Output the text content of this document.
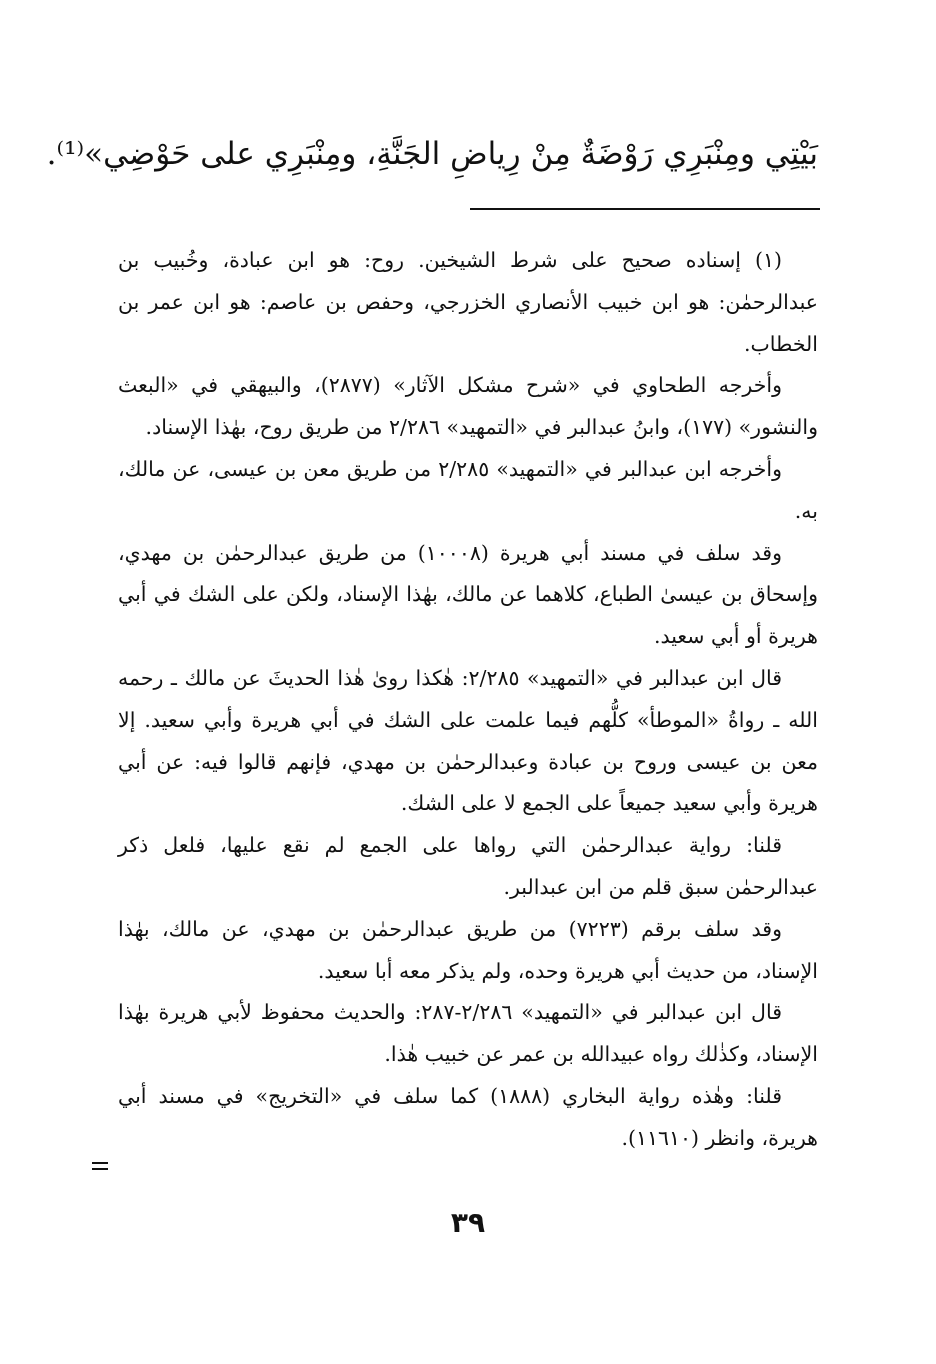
بَيْتِي ومِنْبَرِي رَوْضَةٌ مِنْ رِياضِ الجَنَّةِ، ومِنْبَرِي على حَوْضِي»⁽¹⁾.

(١) إسناده صحيح على شرط الشيخين. روح: هو ابن عبادة، وخُبيب بن عبدالرحمٰن: هو ابن خبيب الأنصاري الخزرجي، وحفص بن عاصم: هو ابن عمر بن الخطاب.

وأخرجه الطحاوي في «شرح مشكل الآثار» (٢٨٧٧)، والبيهقي في «البعث والنشور» (١٧٧)، وابنُ عبدالبر في «التمهيد» ٢/٢٨٦ من طريق روح، بهٰذا الإسناد.

وأخرجه ابن عبدالبر في «التمهيد» ٢/٢٨٥ من طريق معن بن عيسى، عن مالك، به.

وقد سلف في مسند أبي هريرة (١٠٠٠٨) من طريق عبدالرحمٰن بن مهدي، وإسحاق بن عيسىٰ الطباع، كلاهما عن مالك، بهٰذا الإسناد، ولكن على الشك في أبي هريرة أو أبي سعيد.

قال ابن عبدالبر في «التمهيد» ٢/٢٨٥: هٰكذا روىٰ هٰذا الحديثَ عن مالك ـ رحمه الله ـ رواةُ «الموطأ» كلُّهم فيما علمت على الشك في أبي هريرة وأبي سعيد. إلا معن بن عيسى وروح بن عبادة وعبدالرحمٰن بن مهدي، فإنهم قالوا فيه: عن أبي هريرة وأبي سعيد جميعاً على الجمع لا على الشك.

قلنا: رواية عبدالرحمٰن التي رواها على الجمع لم نقع عليها، فلعل ذكر عبدالرحمٰن سبق قلم من ابن عبدالبر.

وقد سلف برقم (٧٢٢٣) من طريق عبدالرحمٰن بن مهدي، عن مالك، بهٰذا الإسناد، من حديث أبي هريرة وحده، ولم يذكر معه أبا سعيد.

قال ابن عبدالبر في «التمهيد» ٢/٢٨٦-٢٨٧: والحديث محفوظ لأبي هريرة بهٰذا الإسناد، وكذٰلك رواه عبيدالله بن عمر عن خبيب هٰذا.

قلنا: وهٰذه رواية البخاري (١٨٨٨) كما سلف في «التخريج» في مسند أبي هريرة، وانظر (١١٦١٠).

٣٩
